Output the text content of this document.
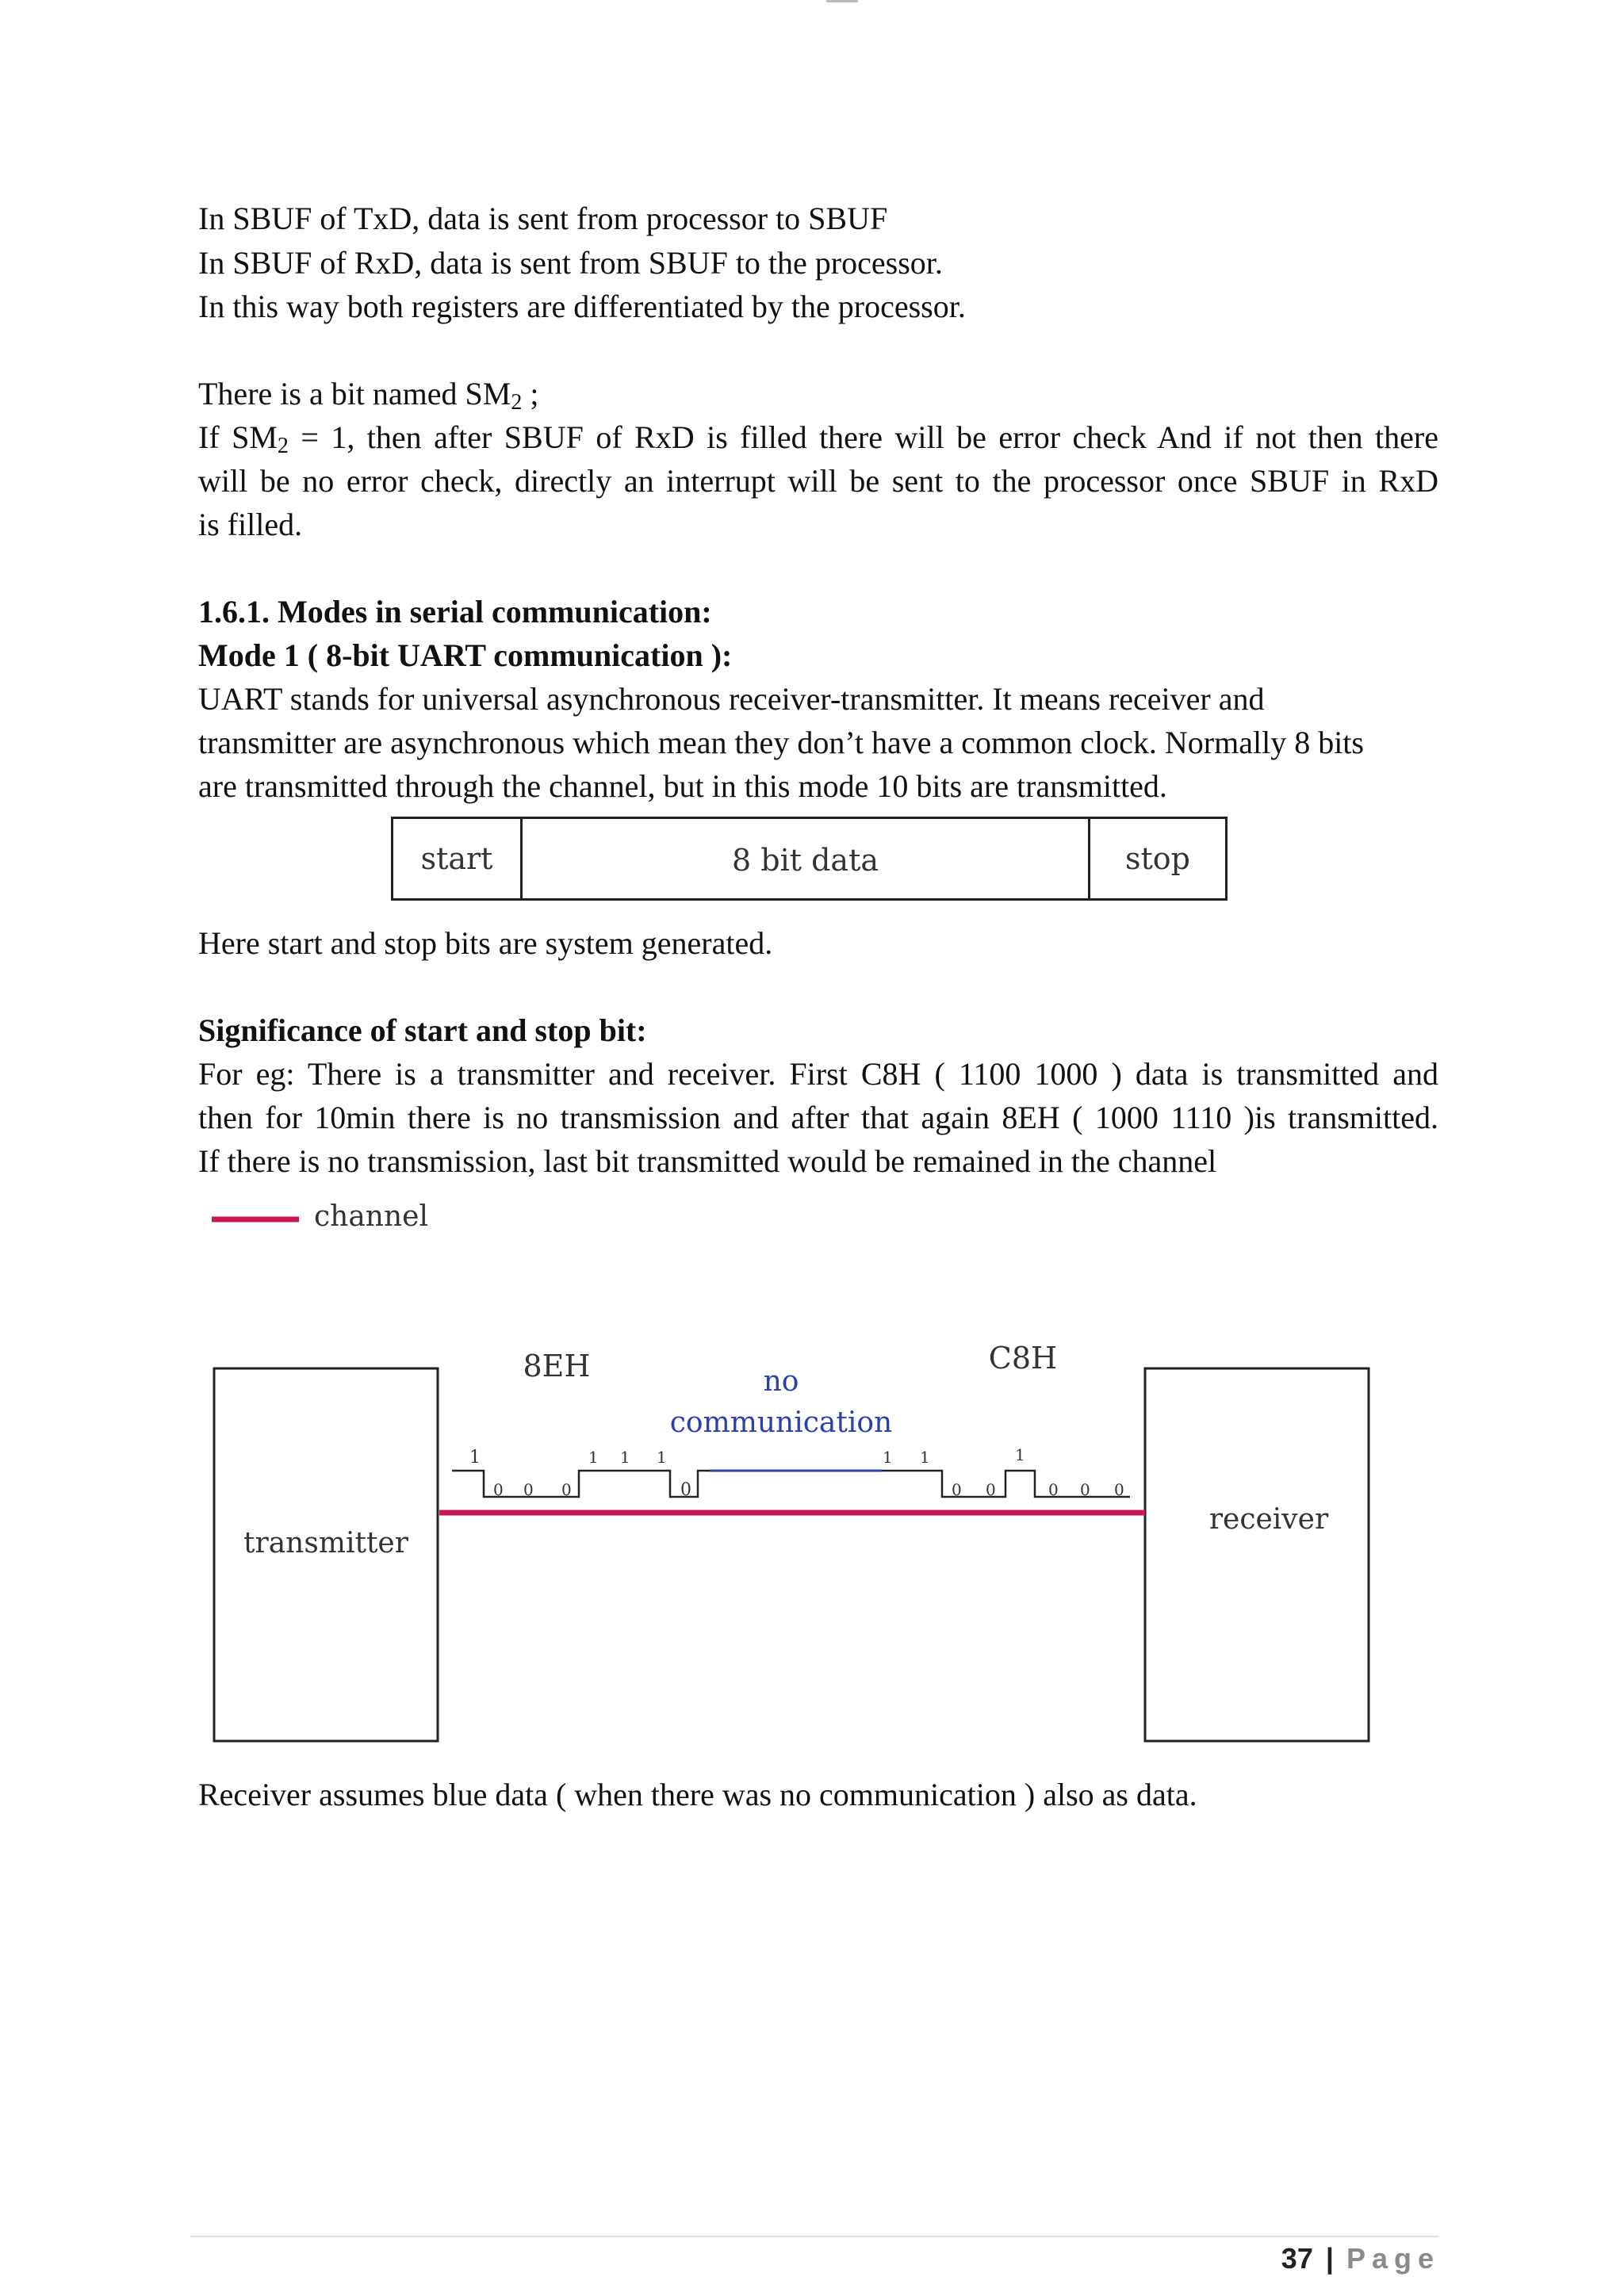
In SBUF of TxD, data is sent from processor to SBUF
In SBUF of RxD, data is sent from SBUF to the processor.
In this way both registers are differentiated by the processor.
There is a bit named $SM_2$ ;
If $SM_2 = 1$, then after SBUF of RxD is filled there will be error check And if not then there
will be no error check, directly an interrupt will be sent to the processor once SBUF in RxD
is filled.
1.6.1. Modes in serial communication:
Mode 1 ( 8-bit UART communication ):
UART stands for universal asynchronous receiver-transmitter. It means receiver and
transmitter are asynchronous which mean they don’t have a common clock. Normally 8 bits
are transmitted through the channel, but in this mode 10 bits are transmitted.
start	8 bit data	stop
Here start and stop bits are system generated.
Significance of start and stop bit:
For eg: There is a transmitter and receiver. First C8H ( 1100 1000 ) data is transmitted and
then for 10min there is no transmission and after that again 8EH ( 1000 1110 )is transmitted.
If there is no transmission, last bit transmitted would be remained in the channel
channel
transmitter
receiver
8EH	C8H
no
communication
1
0 0 0
1 1 1
0
1 1
0 0
1
0 0 0
Receiver assumes blue data ( when there was no communication ) also as data.
37 | Page
